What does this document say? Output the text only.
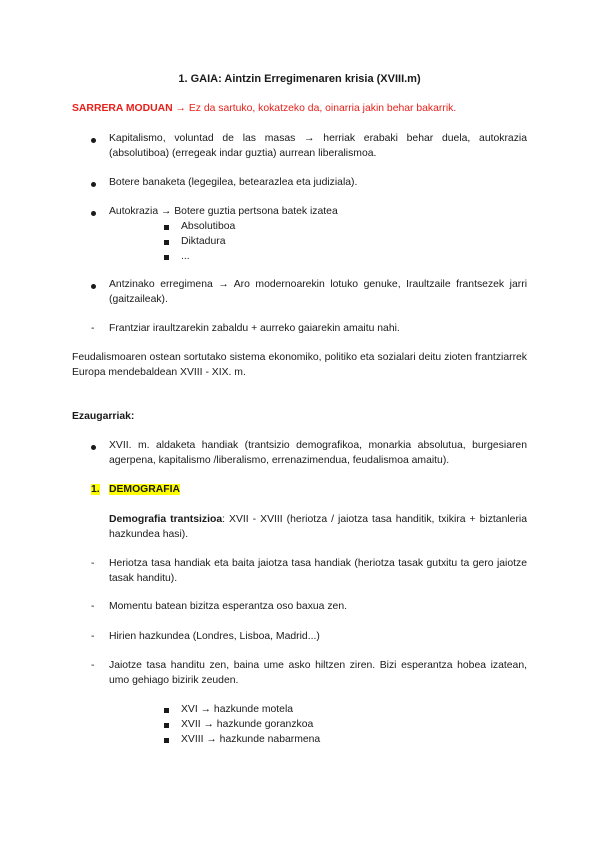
1. GAIA: Aintzin Erregimenaren krisia (XVIII.m)
SARRERA MODUAN → Ez da sartuko, kokatzeko da, oinarria jakin behar bakarrik.
Kapitalismo, voluntad de las masas → herriak erabaki behar duela, autokrazia (absolutiboa) (erregeak indar guztia) aurrean liberalismoa.
Botere banaketa (legegilea, betearazlea eta judiziala).
Autokrazia → Botere guztia pertsona batek izatea
Absolutiboa
Diktadura
...
Antzinako erregimena → Aro modernoarekin lotuko genuke, Iraultzaile frantsezek jarri (gaitzaileak).
- Frantziar iraultzarekin zabaldu + aurreko gaiarekin amaitu nahi.
Feudalismoaren ostean sortutako sistema ekonomiko, politiko eta sozialari deitu zioten frantziarrek Europa mendebaldean XVIII - XIX. m.
Ezaugarriak:
XVII. m. aldaketa handiak (trantsizio demografikoa, monarkia absolutua, burgesiaren agerpena, kapitalismo /liberalismo, errenazimendua, feudalismoa amaitu).
1. DEMOGRAFIA
Demografia trantsizioa: XVII - XVIII (heriotza / jaiotza tasa handitik, txikira + biztanleria hazkundea hasi).
- Heriotza tasa handiak eta baita jaiotza tasa handiak (heriotza tasak gutxitu ta gero jaiotze tasak handitu).
- Momentu batean bizitza esperantza oso baxua zen.
- Hirien hazkundea (Londres, Lisboa, Madrid...)
- Jaiotze tasa handitu zen, baina ume asko hiltzen ziren. Bizi esperantza hobea izatean, umo gehiago bizirik zeuden.
XVI → hazkunde motela
XVII → hazkunde goranzkoa
XVIII → hazkunde nabarmena
